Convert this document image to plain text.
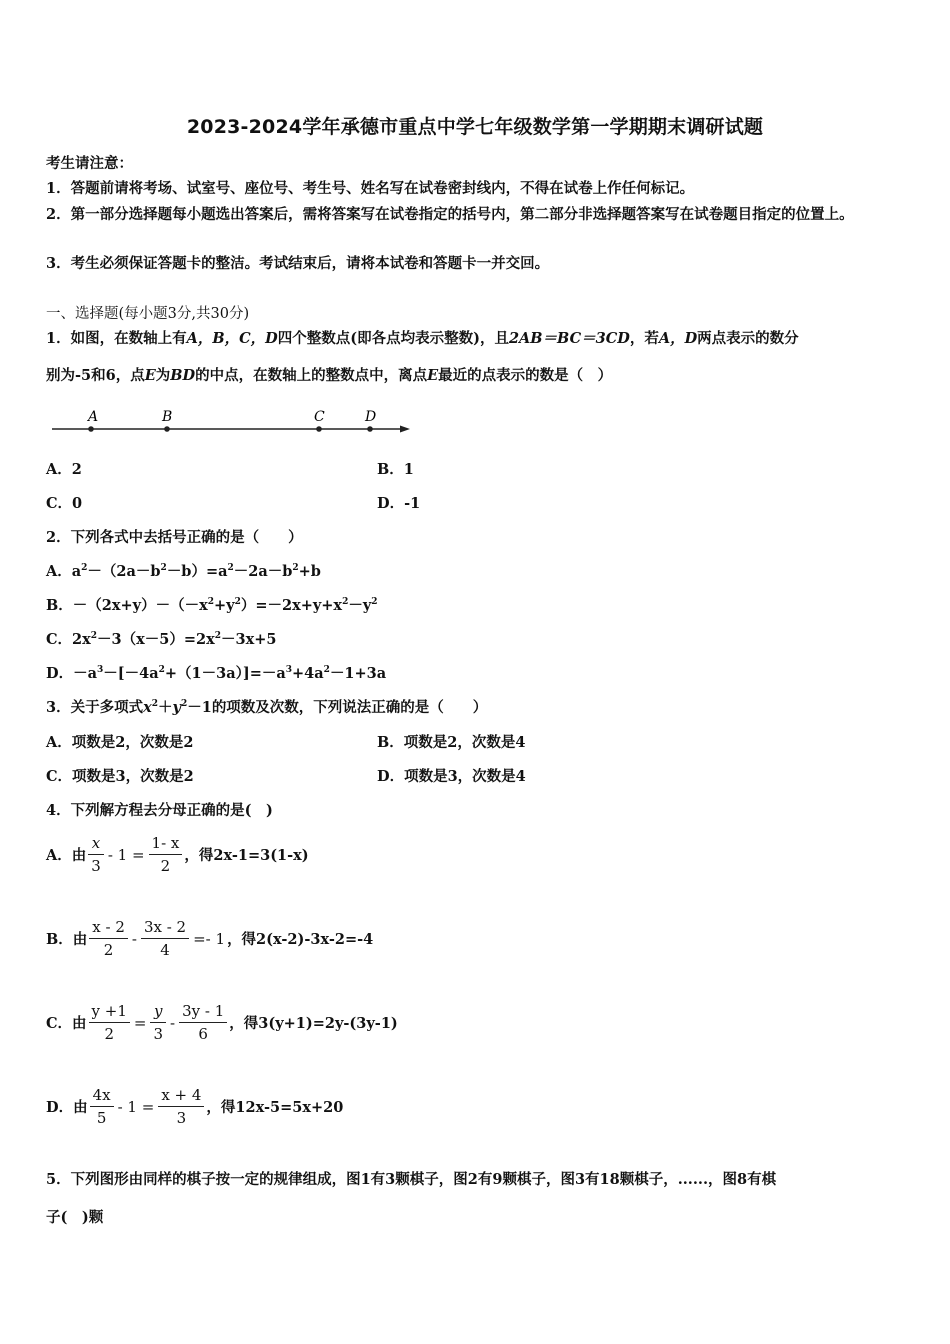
2023-2024学年承德市重点中学七年级数学第一学期期末调研试题
考生请注意：
1．答题前请将考场、试室号、座位号、考生号、姓名写在试卷密封线内，不得在试卷上作任何标记。
2．第一部分选择题每小题选出答案后，需将答案写在试卷指定的括号内，第二部分非选择题答案写在试卷题目指定的位置上。
3．考生必须保证答题卡的整洁。考试结束后，请将本试卷和答题卡一并交回。
一、选择题(每小题3分,共30分)
1．如图，在数轴上有A，B，C，D四个整数点(即各点均表示整数)，且2AB＝BC＝3CD，若A，D两点表示的数分
别为-5和6，点E为BD的中点，在数轴上的整数点中，离点E最近的点表示的数是（　）
A	B	C	D
A．2	B．1
C．0	D．-1
2．下列各式中去括号正确的是（　　）
A．$a^2-(2a-b^2-b)=a^2-2a-b^2+b$
B．$-(2x+y)-(-x^2+y^2)=-2x+y+x^2-y^2$
C．$2x^2-3(x-5)=2x^2-3x+5$
D．$-a^3-[-4a^2+(1-3a)]=-a^3+4a^2-1+3a$
3．关于多项式$x^2+y^2-1$的项数及次数，下列说法正确的是（　　）
A．项数是2，次数是2	B．项数是2，次数是4
C．项数是3，次数是2	D．项数是3，次数是4
4．下列解方程去分母正确的是(　)
A．由 $\frac{x}{3} - 1 = \frac{1- x}{2}$ ，得2x-1=3(1-x)
B．由 $\frac{x - 2}{2} - \frac{3x - 2}{4} =- 1$ ，得2(x-2)-3x-2=-4
C．由 $\frac{y +1}{2} = \frac{y}{3} - \frac{3y - 1}{6}$ ，得3(y+1)=2y-(3y-1)
D．由 $\frac{4x}{5} - 1 = \frac{x + 4}{3}$ ，得12x-5=5x+20
5．下列图形由同样的棋子按一定的规律组成，图1有3颗棋子，图2有9颗棋子，图3有18颗棋子，......，图8有棋
子(　)颗
